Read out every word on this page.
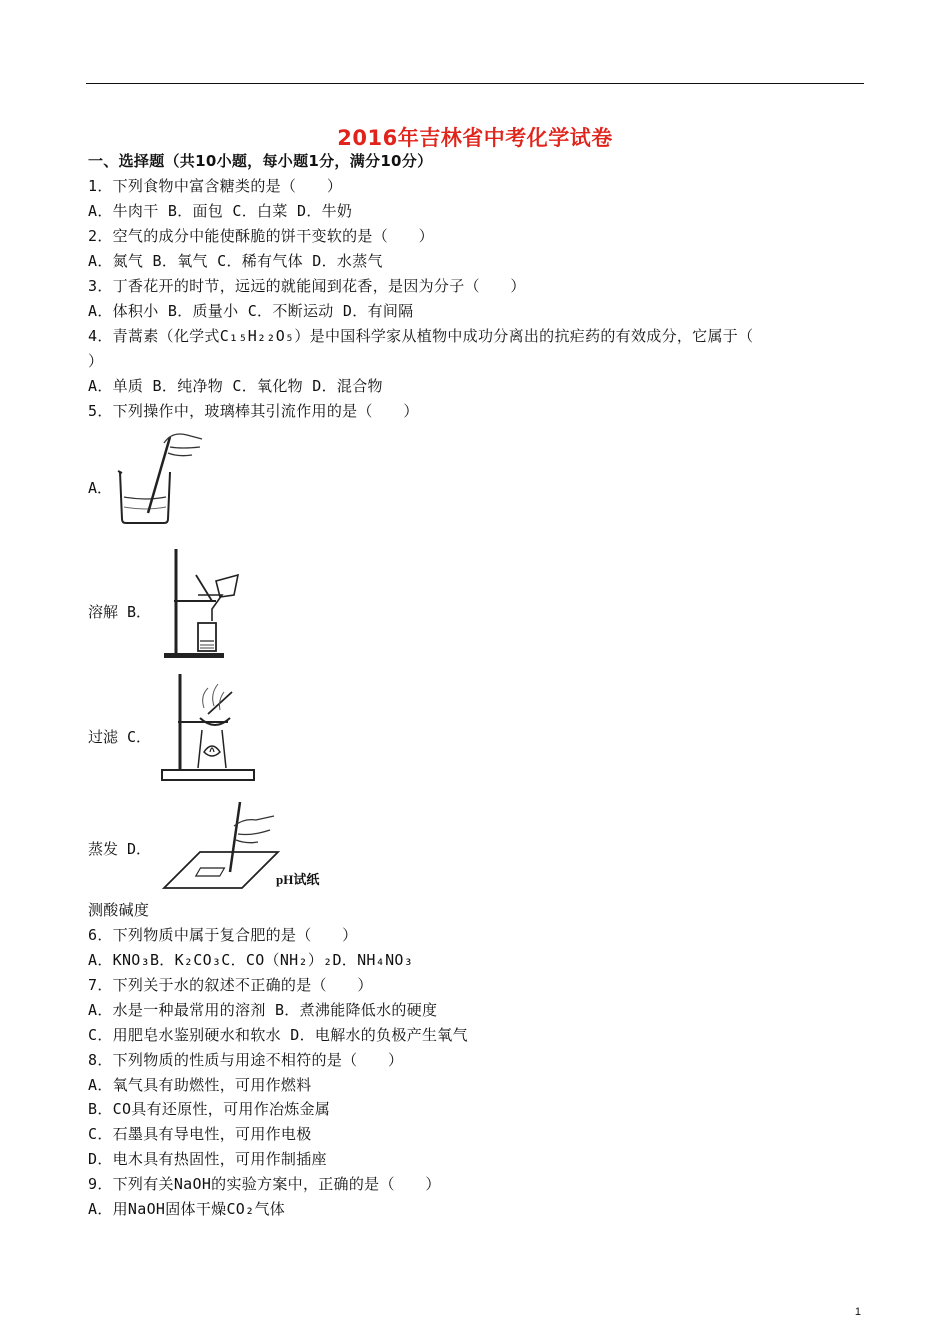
2016年吉林省中考化学试卷
一、选择题（共10小题，每小题1分，满分10分）
1．下列食物中富含糖类的是（　　）
A．牛肉干 B．面包 C．白菜 D．牛奶
2．空气的成分中能使酥脆的饼干变软的是（　　）
A．氮气 B．氧气 C．稀有气体 D．水蒸气
3．丁香花开的时节，远远的就能闻到花香，是因为分子（　　）
A．体积小 B．质量小 C．不断运动 D．有间隔
4．青蒿素（化学式C₁₅H₂₂O₅）是中国科学家从植物中成功分离出的抗疟药的有效成分，它属于（
）
A．单质 B．纯净物 C．氧化物 D．混合物
5．下列操作中，玻璃棒其引流作用的是（　　）
A．
溶解 B．
过滤 C．
蒸发 D．
pH试纸
测酸碱度
6．下列物质中属于复合肥的是（　　）
A．KNO₃B．K₂CO₃C．CO（NH₂）₂D．NH₄NO₃
7．下列关于水的叙述不正确的是（　　）
A．水是一种最常用的溶剂 B．煮沸能降低水的硬度
C．用肥皂水鉴别硬水和软水 D．电解水的负极产生氧气
8．下列物质的性质与用途不相符的是（　　）
A．氧气具有助燃性，可用作燃料
B．CO具有还原性，可用作冶炼金属
C．石墨具有导电性，可用作电极
D．电木具有热固性，可用作制插座
9．下列有关NaOH的实验方案中，正确的是（　　）
A．用NaOH固体干燥CO₂气体
1
